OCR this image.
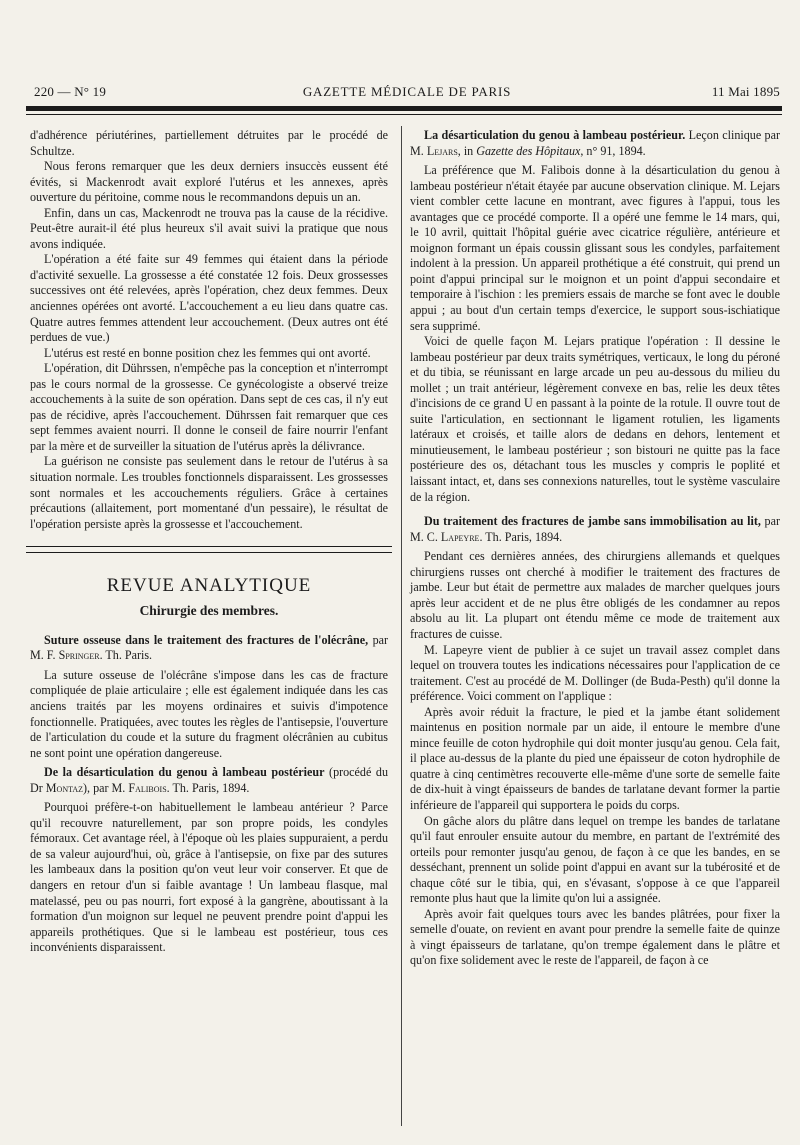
220 — N° 19	GAZETTE MÉDICALE DE PARIS	11 Mai 1895

d'adhérence périutérines, partiellement détruites par le procédé de Schultze.

Nous ferons remarquer que les deux derniers insuccès eussent été évités, si Mackenrodt avait exploré l'utérus et les annexes, après ouverture du péritoine, comme nous le recommandons depuis un an.

Enfin, dans un cas, Mackenrodt ne trouva pas la cause de la récidive. Peut-être aurait-il été plus heureux s'il avait suivi la pratique que nous avons indiquée.

L'opération a été faite sur 49 femmes qui étaient dans la période d'activité sexuelle. La grossesse a été constatée 12 fois. Deux grossesses successives ont été relevées, après l'opération, chez deux femmes. Deux anciennes opérées ont avorté. L'accouchement a eu lieu dans quatre cas. Quatre autres femmes attendent leur accouchement. (Deux autres ont été perdues de vue.)

L'utérus est resté en bonne position chez les femmes qui ont avorté.

L'opération, dit Dührssen, n'empêche pas la conception et n'interrompt pas le cours normal de la grossesse. Ce gynécologiste a observé treize accouchements à la suite de son opération. Dans sept de ces cas, il n'y eut pas de récidive, après l'accouchement. Dührssen fait remarquer que ces sept femmes avaient nourri. Il donne le conseil de faire nourrir l'enfant par la mère et de surveiller la situation de l'utérus après la délivrance.

La guérison ne consiste pas seulement dans le retour de l'utérus à sa situation normale. Les troubles fonctionnels disparaissent. Les grossesses sont normales et les accouchements réguliers. Grâce à certaines précautions (allaitement, port momentané d'un pessaire), le résultat de l'opération persiste après la grossesse et l'accouchement.

REVUE ANALYTIQUE
Chirurgie des membres.

Suture osseuse dans le traitement des fractures de l'olécrâne, par M. F. Springer. Th. Paris.

La suture osseuse de l'olécrâne s'impose dans les cas de fracture compliquée de plaie articulaire ; elle est également indiquée dans les cas anciens traités par les moyens ordinaires et suivis d'impotence fonctionnelle. Pratiquées, avec toutes les règles de l'antisepsie, l'ouverture de l'articulation du coude et la suture du fragment olécrânien au cubitus ne sont point une opération dangereuse.

De la désarticulation du genou à lambeau postérieur (procédé du Dr Montaz), par M. Falibois. Th. Paris, 1894.

Pourquoi préfère-t-on habituellement le lambeau antérieur ? Parce qu'il recouvre naturellement, par son propre poids, les condyles fémoraux. Cet avantage réel, à l'époque où les plaies suppuraient, a perdu de sa valeur aujourd'hui, où, grâce à l'antisepsie, on fixe par des sutures les lambeaux dans la position qu'on veut leur voir conserver. Et que de dangers en retour d'un si faible avantage ! Un lambeau flasque, mal matelassé, peu ou pas nourri, fort exposé à la gangrène, aboutissant à la formation d'un moignon sur lequel ne peuvent prendre point d'appui les appareils prothétiques. Que si le lambeau est postérieur, tous ces inconvénients disparaissent.

La désarticulation du genou à lambeau postérieur. Leçon clinique par M. Lejars, in Gazette des Hôpitaux, n° 91, 1894.

La préférence que M. Falibois donne à la désarticulation du genou à lambeau postérieur n'était étayée par aucune observation clinique. M. Lejars vient combler cette lacune en montrant, avec figures à l'appui, tous les avantages que ce procédé comporte. Il a opéré une femme le 14 mars, qui, le 10 avril, quittait l'hôpital guérie avec cicatrice régulière, antérieure et moignon formant un épais coussin glissant sous les condyles, parfaitement indolent à la pression. Un appareil prothétique a été construit, qui prend un point d'appui principal sur le moignon et un point d'appui secondaire et temporaire à l'ischion : les premiers essais de marche se font avec le double appui ; au bout d'un certain temps d'exercice, le support sous-ischiatique sera supprimé.

Voici de quelle façon M. Lejars pratique l'opération : Il dessine le lambeau postérieur par deux traits symétriques, verticaux, le long du péroné et du tibia, se réunissant en large arcade un peu au-dessous du milieu du mollet ; un trait antérieur, légèrement convexe en bas, relie les deux têtes d'incisions de ce grand U en passant à la pointe de la rotule. Il ouvre tout de suite l'articulation, en sectionnant le ligament rotulien, les ligaments latéraux et croisés, et taille alors de dedans en dehors, lentement et minutieusement, le lambeau postérieur ; son bistouri ne quitte pas la face postérieure des os, détachant tous les muscles y compris le poplité et laissant intact, et, dans ses connexions naturelles, tout le système vasculaire de la région.

Du traitement des fractures de jambe sans immobilisation au lit, par M. C. Lapeyre. Th. Paris, 1894.

Pendant ces dernières années, des chirurgiens allemands et quelques chirurgiens russes ont cherché à modifier le traitement des fractures de jambe. Leur but était de permettre aux malades de marcher quelques jours après leur accident et de ne plus être obligés de les condamner au repos absolu au lit. La plupart ont étendu même ce mode de traitement aux fractures de cuisse.

M. Lapeyre vient de publier à ce sujet un travail assez complet dans lequel on trouvera toutes les indications nécessaires pour l'application de ce traitement. C'est au procédé de M. Dollinger (de Buda-Pesth) qu'il donne la préférence. Voici comment on l'applique :

Après avoir réduit la fracture, le pied et la jambe étant solidement maintenus en position normale par un aide, il entoure le membre d'une mince feuille de coton hydrophile qui doit monter jusqu'au genou. Cela fait, il place au-dessus de la plante du pied une épaisseur de coton hydrophile de quatre à cinq centimètres recouverte elle-même d'une sorte de semelle faite de dix-huit à vingt épaisseurs de bandes de tarlatane devant former la partie inférieure de l'appareil qui supportera le poids du corps.

On gâche alors du plâtre dans lequel on trempe les bandes de tarlatane qu'il faut enrouler ensuite autour du membre, en partant de l'extrémité des orteils pour remonter jusqu'au genou, de façon à ce que les bandes, en se desséchant, prennent un solide point d'appui en avant sur la tubérosité et de chaque côté sur le tibia, qui, en s'évasant, s'oppose à ce que l'appareil remonte plus haut que la limite qu'on lui a assignée.

Après avoir fait quelques tours avec les bandes plâtrées, pour fixer la semelle d'ouate, on revient en avant pour prendre la semelle faite de quinze à vingt épaisseurs de tarlatane, qu'on trempe également dans le plâtre et qu'on fixe solidement avec le reste de l'appareil, de façon à ce
